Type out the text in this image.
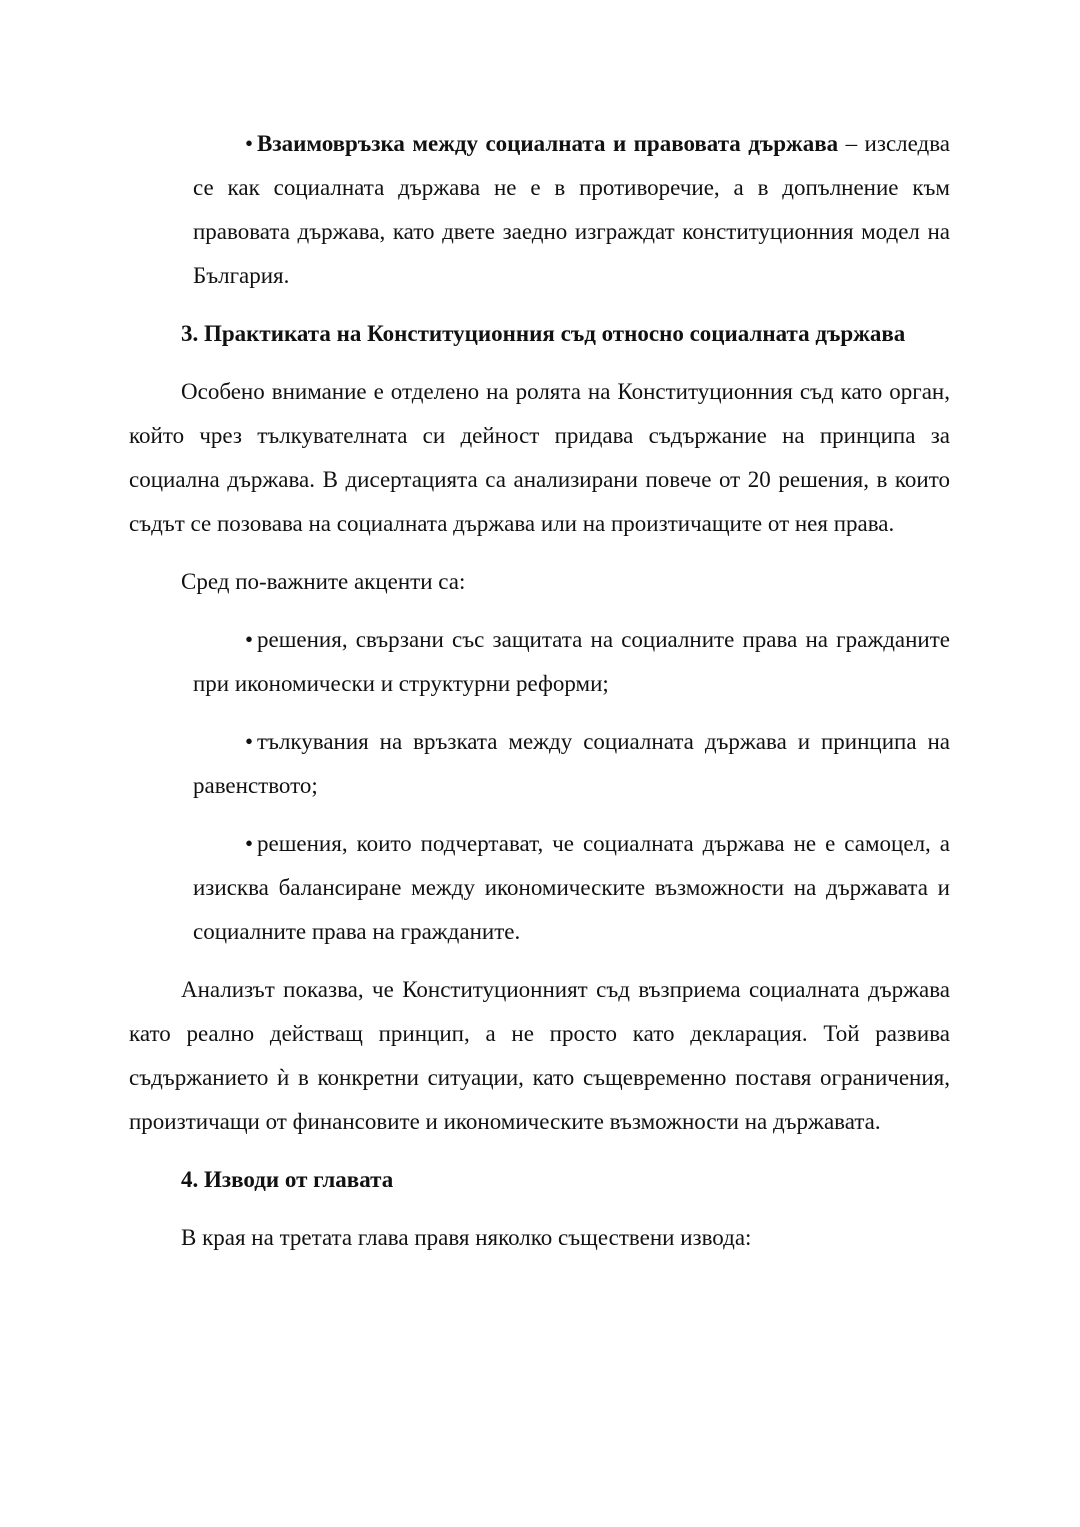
• Взаимовръзка между социалната и правовата държава – изследва се как социалната държава не е в противоречие, а в допълнение към правовата държава, като двете заедно изграждат конституционния модел на България.

3. Практиката на Конституционния съд относно социалната държава

Особено внимание е отделено на ролята на Конституционния съд като орган, който чрез тълкувателната си дейност придава съдържание на принципа за социална държава. В дисертацията са анализирани повече от 20 решения, в които съдът се позовава на социалната държава или на произтичащите от нея права.

Сред по-важните акценти са:

• решения, свързани със защитата на социалните права на гражданите при икономически и структурни реформи;

• тълкувания на връзката между социалната държава и принципа на равенството;

• решения, които подчертават, че социалната държава не е самоцел, а изисква балансиране между икономическите възможности на държавата и социалните права на гражданите.

Анализът показва, че Конституционният съд възприема социалната държава като реално действащ принцип, а не просто като декларация. Той развива съдържанието ѝ в конкретни ситуации, като същевременно поставя ограничения, произтичащи от финансовите и икономическите възможности на държавата.

4. Изводи от главата

В края на третата глава правя няколко съществени извода:
